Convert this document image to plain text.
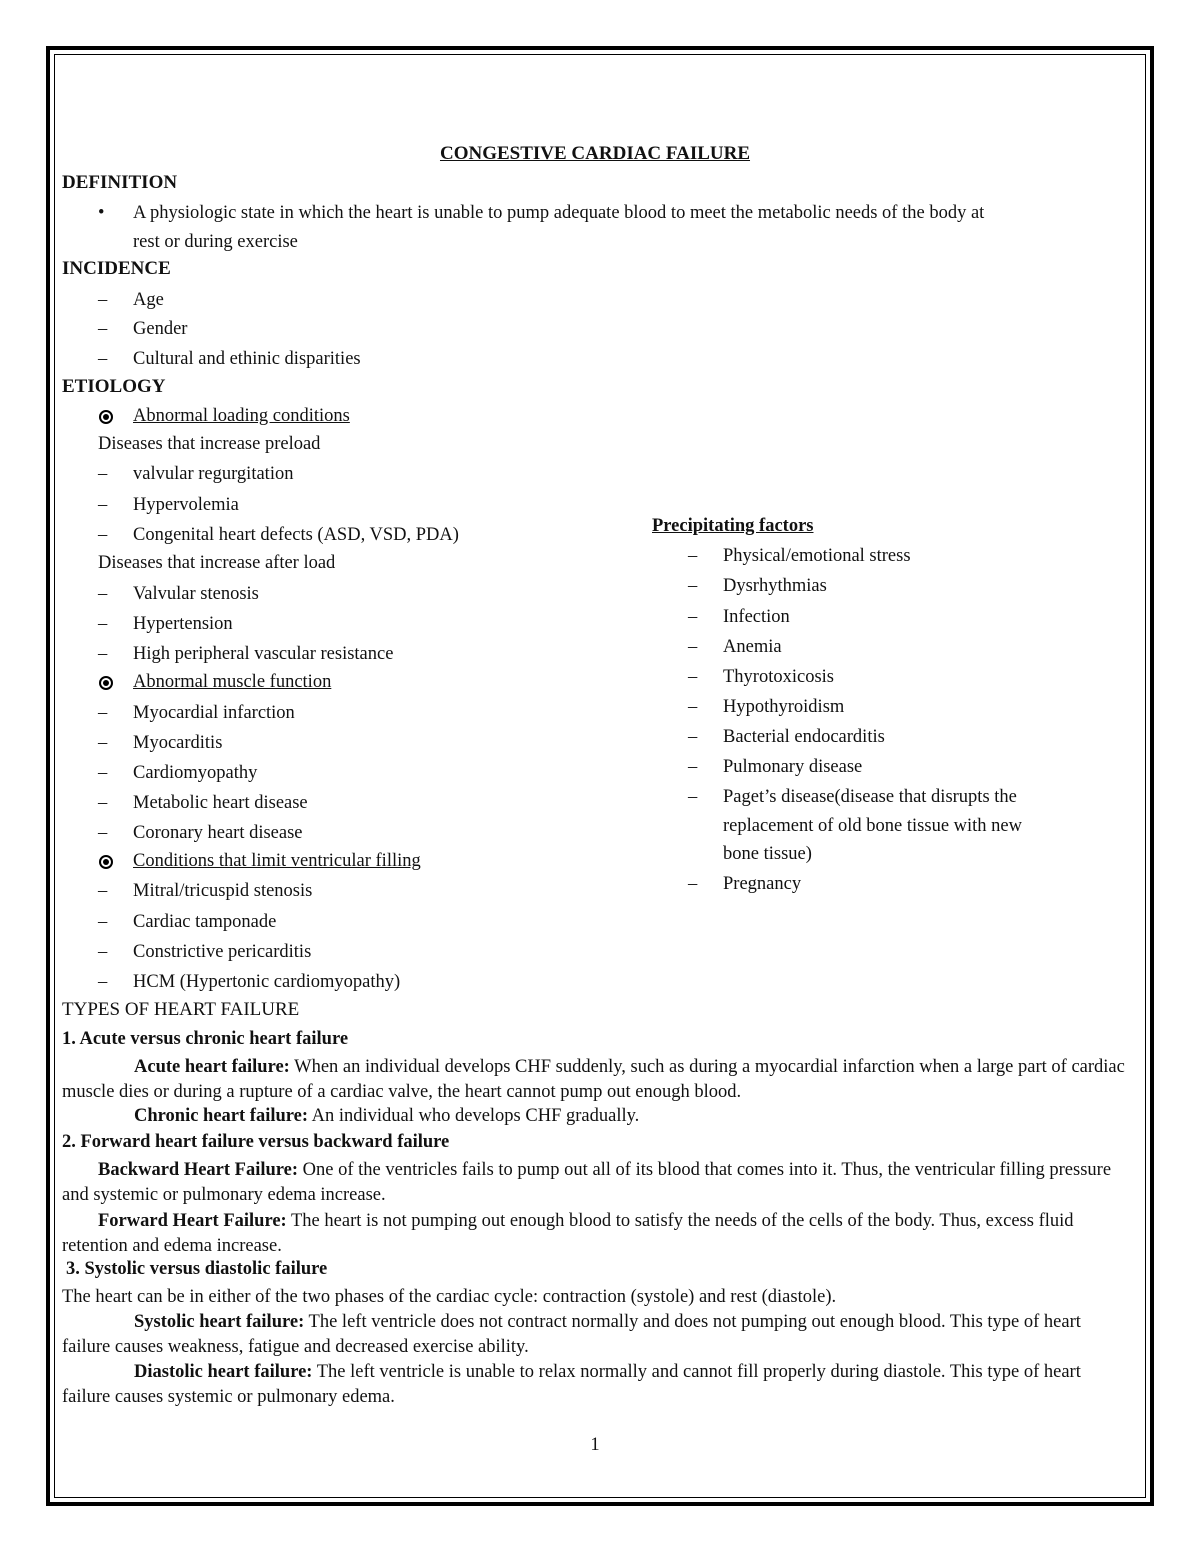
CONGESTIVE CARDIAC FAILURE
DEFINITION
• A physiologic state in which the heart is unable to pump adequate blood to meet the metabolic needs of the body at
rest or during exercise
INCIDENCE
– Age
– Gender
– Cultural and ethinic disparities
ETIOLOGY
Abnormal loading conditions
Diseases that increase preload
– valvular regurgitation
– Hypervolemia
– Congenital heart defects (ASD, VSD, PDA)
Diseases that increase after load
– Valvular stenosis
– Hypertension
– High peripheral vascular resistance
Abnormal muscle function
– Myocardial infarction
– Myocarditis
– Cardiomyopathy
– Metabolic heart disease
– Coronary heart disease
Conditions that limit ventricular filling
– Mitral/tricuspid stenosis
– Cardiac tamponade
– Constrictive pericarditis
– HCM (Hypertonic cardiomyopathy)
Precipitating factors
– Physical/emotional stress
– Dysrhythmias
– Infection
– Anemia
– Thyrotoxicosis
– Hypothyroidism
– Bacterial endocarditis
– Pulmonary disease
– Paget’s disease(disease that disrupts the
replacement of old bone tissue with new
bone tissue)
– Pregnancy
TYPES OF HEART FAILURE
1. Acute versus chronic heart failure
Acute heart failure: When an individual develops CHF suddenly, such as during a myocardial infarction when a large part of cardiac muscle dies or during a rupture of a cardiac valve, the heart cannot pump out enough blood.
Chronic heart failure: An individual who develops CHF gradually.
2. Forward heart failure versus backward failure
Backward Heart Failure: One of the ventricles fails to pump out all of its blood that comes into it. Thus, the ventricular filling pressure and systemic or pulmonary edema increase.
Forward Heart Failure: The heart is not pumping out enough blood to satisfy the needs of the cells of the body. Thus, excess fluid retention and edema increase.
3. Systolic versus diastolic failure
The heart can be in either of the two phases of the cardiac cycle: contraction (systole) and rest (diastole).
Systolic heart failure: The left ventricle does not contract normally and does not pumping out enough blood. This type of heart failure causes weakness, fatigue and decreased exercise ability.
Diastolic heart failure: The left ventricle is unable to relax normally and cannot fill properly during diastole. This type of heart failure causes systemic or pulmonary edema.
1
